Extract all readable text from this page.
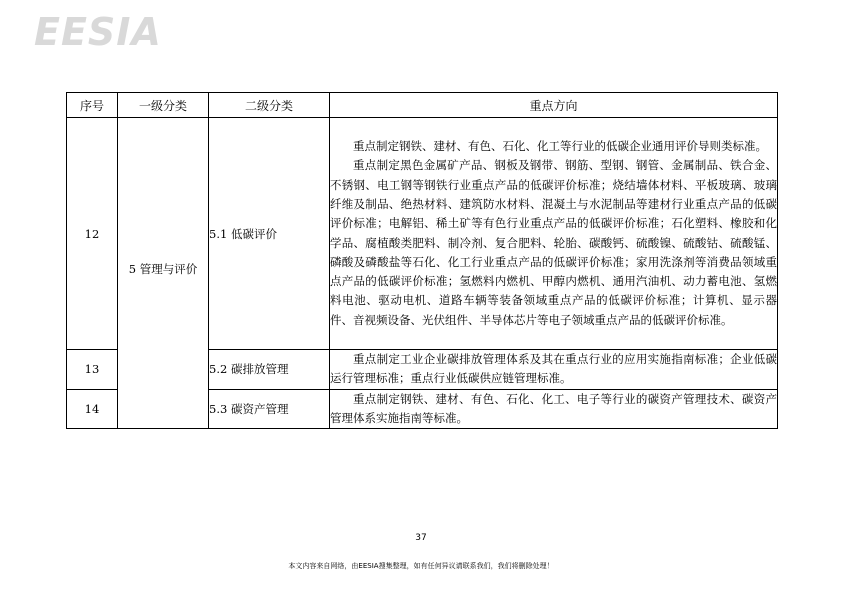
EESIA
序号	一级分类	二级分类	重点方向
12	5 管理与评价	5.1 低碳评价	重点制定钢铁、建材、有色、石化、化工等行业的低碳企业通用评价导则类标准。

重点制定黑色金属矿产品、钢板及钢带、钢筋、型钢、钢管、金属制品、铁合金、不锈钢、电工钢等钢铁行业重点产品的低碳评价标准；烧结墙体材料、平板玻璃、玻璃纤维及制品、绝热材料、建筑防水材料、混凝土与水泥制品等建材行业重点产品的低碳评价标准；电解铝、稀土矿等有色行业重点产品的低碳评价标准；石化塑料、橡胶和化学品、腐植酸类肥料、制冷剂、复合肥料、轮胎、碳酸钙、硫酸镍、硫酸钴、硫酸锰、磷酸及磷酸盐等石化、化工行业重点产品的低碳评价标准；家用洗涤剂等消费品领域重点产品的低碳评价标准；氢燃料内燃机、甲醇内燃机、通用汽油机、动力蓄电池、氢燃料电池、驱动电机、道路车辆等装备领域重点产品的低碳评价标准；计算机、显示器件、音视频设备、光伏组件、半导体芯片等电子领域重点产品的低碳评价标准。

13		5.2 碳排放管理	重点制定工业企业碳排放管理体系及其在重点行业的应用实施指南标准；企业低碳运行管理标准；重点行业低碳供应链管理标准。

14		5.3 碳资产管理	重点制定钢铁、建材、有色、石化、化工、电子等行业的碳资产管理技术、碳资产管理体系实施指南等标准。

37
本文内容来自网络，由EESIA搜集整理，如有任何异议请联系我们，我们将删除处理！
